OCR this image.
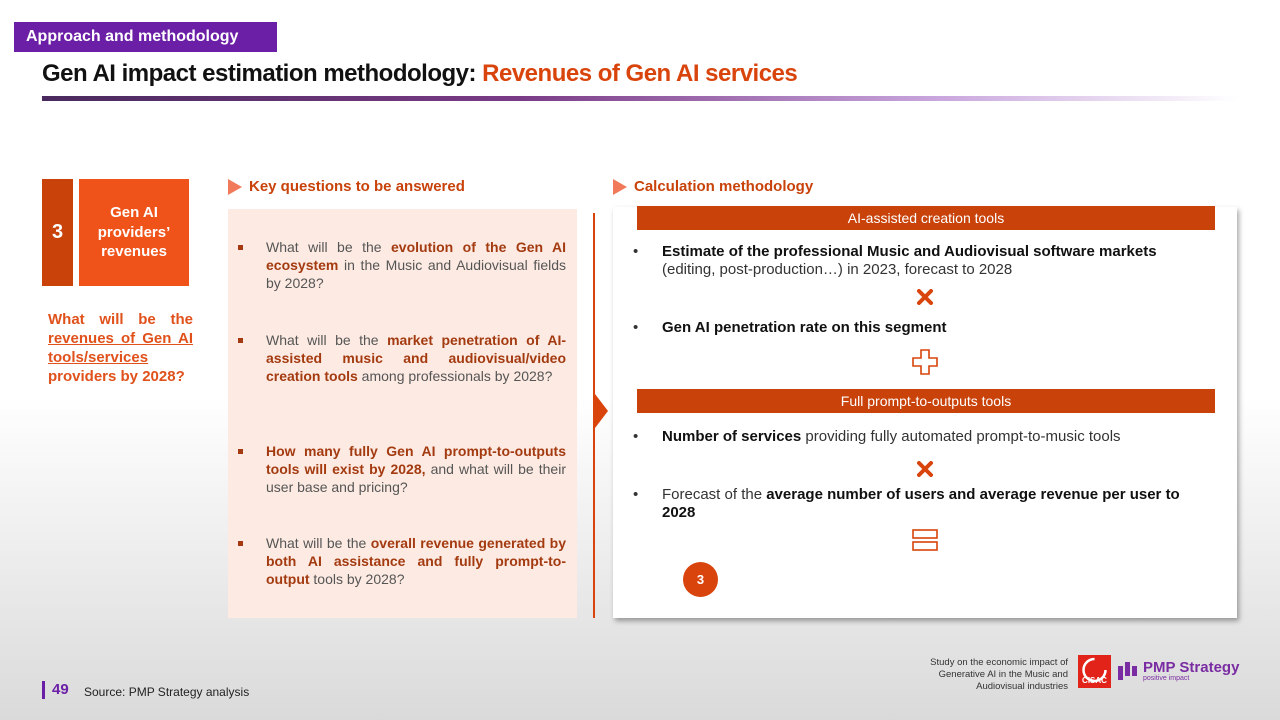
Approach and methodology
Gen AI impact estimation methodology: Revenues of Gen AI services
3
Gen AI providers’ revenues
What will be the revenues of Gen AI tools/services providers by 2028?
Key questions to be answered
What will be the evolution of the Gen AI ecosystem in the Music and Audiovisual fields by 2028?
What will be the market penetration of AI-assisted music and audiovisual/video creation tools among professionals by 2028?
How many fully Gen AI prompt-to-outputs tools will exist by 2028, and what will be their user base and pricing?
What will be the overall revenue generated by both AI assistance and fully prompt-to-output tools by 2028?
Calculation methodology
AI-assisted creation tools
• Estimate of the professional Music and Audiovisual software markets (editing, post-production…) in 2023, forecast to 2028
• Gen AI penetration rate on this segment
Full prompt-to-outputs tools
• Number of services providing fully automated prompt-to-music tools
• Forecast of the average number of users and average revenue per user to 2028
3
49 Source: PMP Strategy analysis
Study on the economic impact of Generative AI in the Music and Audiovisual industries
CISAC
PMP Strategy
positive impact
